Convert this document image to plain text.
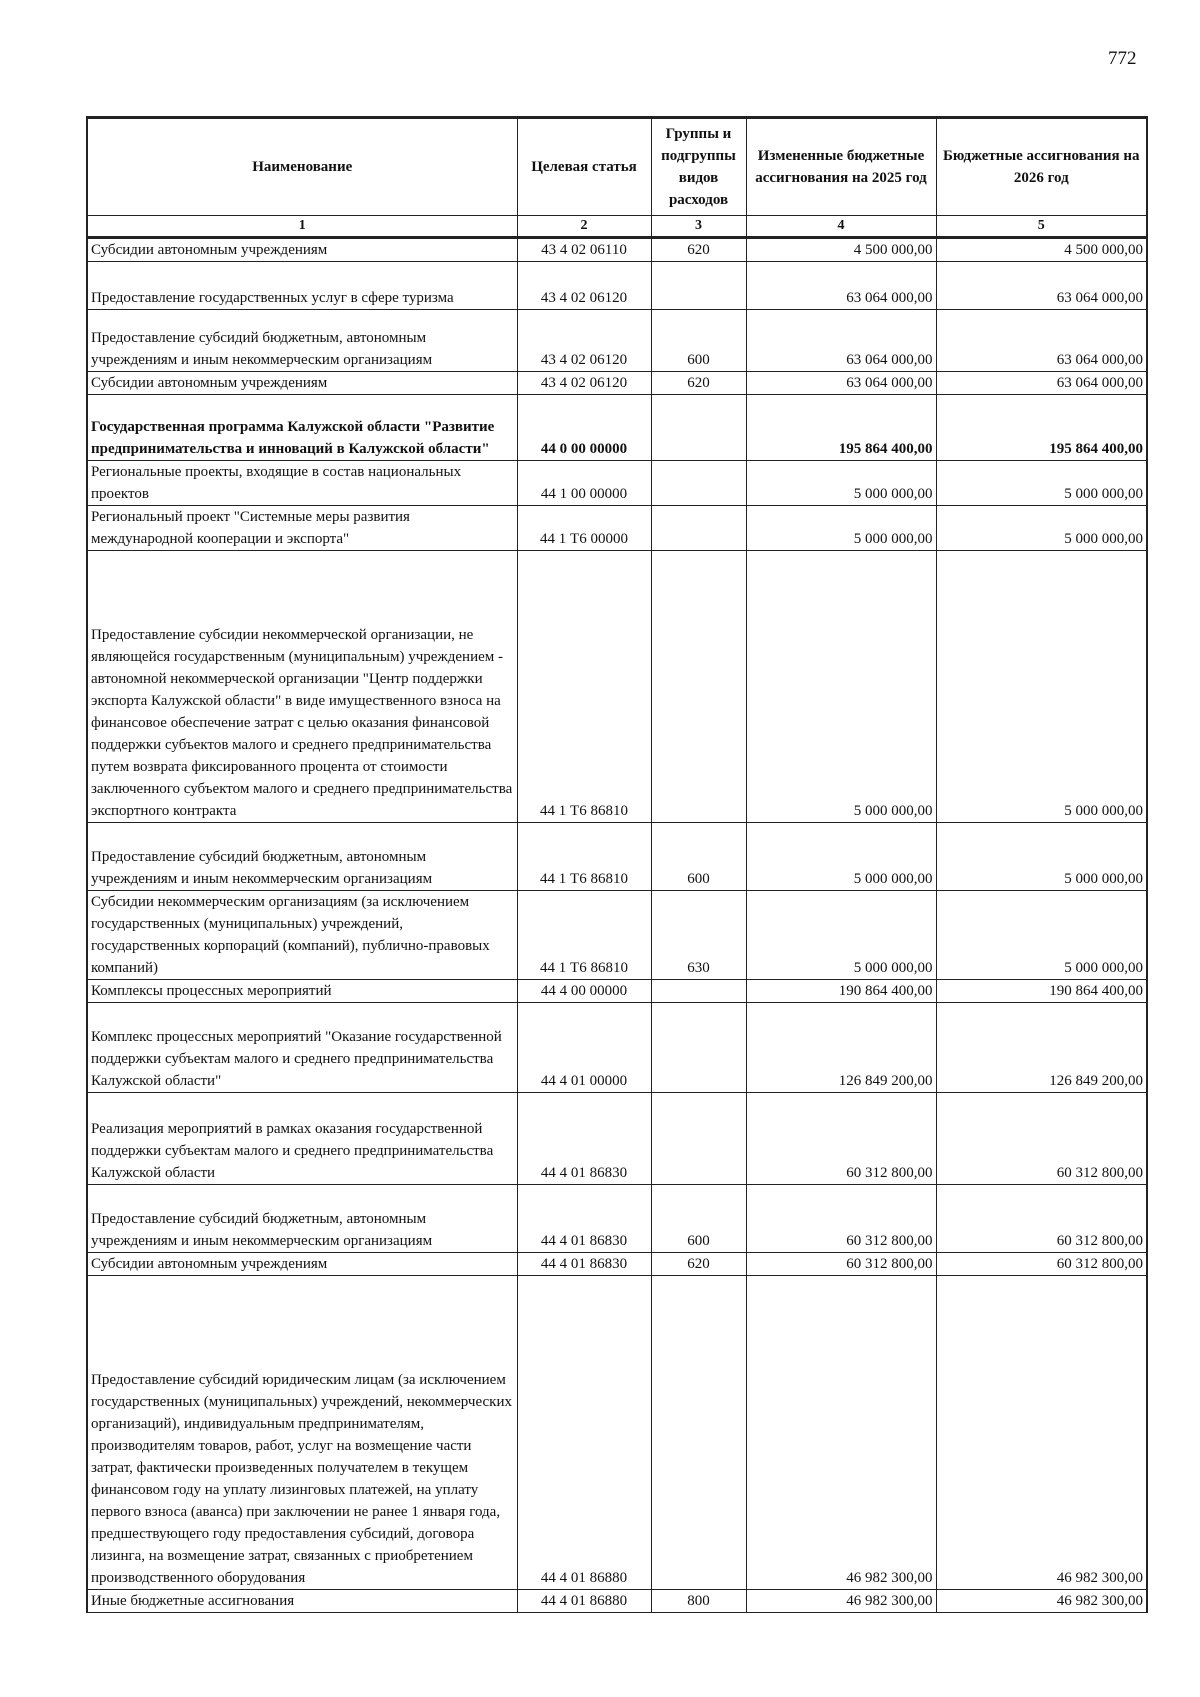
772
Наименование	Целевая статья	Группы и подгруппы видов расходов	Измененные бюджетные ассигнования на 2025 год	Бюджетные ассигнования на 2026 год
1	2	3	4	5
Субсидии автономным учреждениям	43 4 02 06110	620	4 500 000,00	4 500 000,00
Предоставление государственных услуг в сфере туризма	43 4 02 06120		63 064 000,00	63 064 000,00
Предоставление субсидий бюджетным, автономным учреждениям и иным некоммерческим организациям	43 4 02 06120	600	63 064 000,00	63 064 000,00
Субсидии автономным учреждениям	43 4 02 06120	620	63 064 000,00	63 064 000,00
Государственная программа Калужской области "Развитие предпринимательства и инноваций в Калужской области"	44 0 00 00000		195 864 400,00	195 864 400,00
Региональные проекты, входящие в состав национальных проектов	44 1 00 00000		5 000 000,00	5 000 000,00
Региональный проект "Системные меры развития международной кооперации и экспорта"	44 1 Т6 00000		5 000 000,00	5 000 000,00
Предоставление субсидии некоммерческой организации, не являющейся государственным (муниципальным) учреждением - автономной некоммерческой организации "Центр поддержки экспорта Калужской области" в виде имущественного взноса на финансовое обеспечение затрат с целью оказания финансовой поддержки субъектов малого и среднего предпринимательства путем возврата фиксированного процента от стоимости заключенного субъектом малого и среднего предпринимательства экспортного контракта	44 1 Т6 86810		5 000 000,00	5 000 000,00
Предоставление субсидий бюджетным, автономным учреждениям и иным некоммерческим организациям	44 1 Т6 86810	600	5 000 000,00	5 000 000,00
Субсидии некоммерческим организациям (за исключением государственных (муниципальных) учреждений, государственных корпораций (компаний), публично-правовых компаний)	44 1 Т6 86810	630	5 000 000,00	5 000 000,00
Комплексы процессных мероприятий	44 4 00 00000		190 864 400,00	190 864 400,00
Комплекс процессных мероприятий "Оказание государственной поддержки субъектам малого и среднего предпринимательства Калужской области"	44 4 01 00000		126 849 200,00	126 849 200,00
Реализация мероприятий в рамках оказания государственной поддержки субъектам малого и среднего предпринимательства Калужской области	44 4 01 86830		60 312 800,00	60 312 800,00
Предоставление субсидий бюджетным, автономным учреждениям и иным некоммерческим организациям	44 4 01 86830	600	60 312 800,00	60 312 800,00
Субсидии автономным учреждениям	44 4 01 86830	620	60 312 800,00	60 312 800,00
Предоставление субсидий юридическим лицам (за исключением государственных (муниципальных) учреждений, некоммерческих организаций), индивидуальным предпринимателям, производителям товаров, работ, услуг на возмещение части затрат, фактически произведенных получателем в текущем финансовом году на уплату лизинговых платежей, на уплату первого взноса (аванса) при заключении не ранее 1 января года, предшествующего году предоставления субсидий, договора лизинга, на возмещение затрат, связанных с приобретением производственного оборудования	44 4 01 86880		46 982 300,00	46 982 300,00
Иные бюджетные ассигнования	44 4 01 86880	800	46 982 300,00	46 982 300,00
